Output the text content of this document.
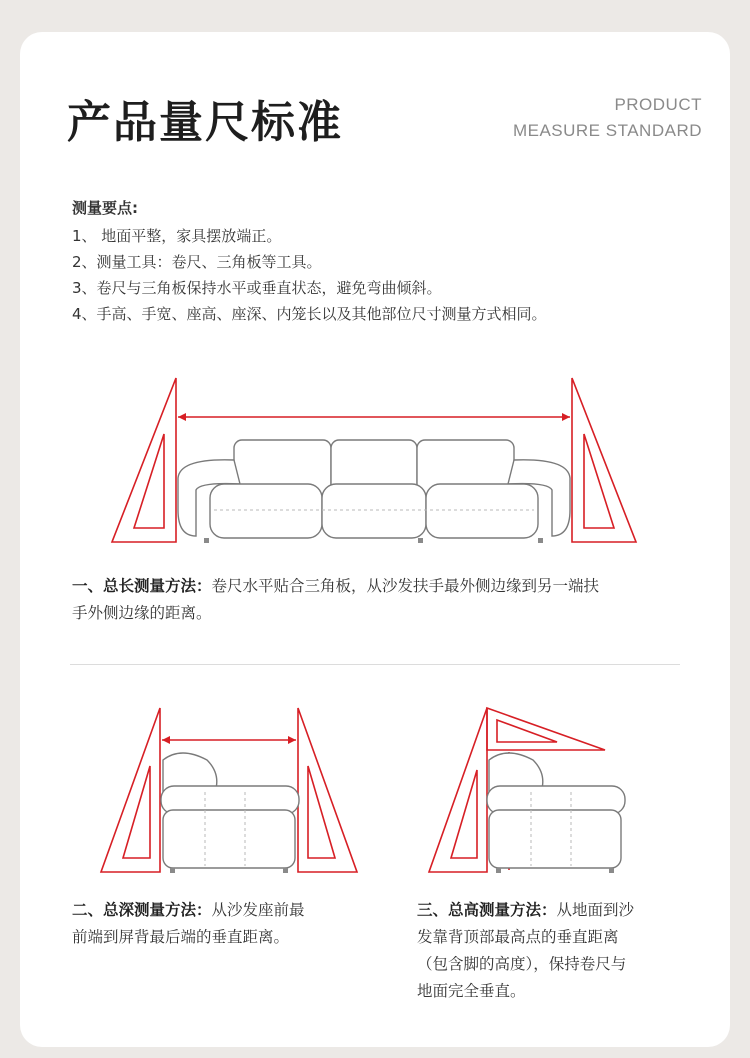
产品量尺标准	PRODUCT
MEASURE STANDARD
测量要点:
1、 地面平整，家具摆放端正。
2、测量工具：卷尺、三角板等工具。
3、卷尺与三角板保持水平或垂直状态，避免弯曲倾斜。
4、手高、手宽、座高、座深、内笼长以及其他部位尺寸测量方式相同。
一、总长测量方法：卷尺水平贴合三角板，从沙发扶手最外侧边缘到另一端扶
手外侧边缘的距离。
二、总深测量方法：从沙发座前最
前端到屏背最后端的垂直距离。
三、总高测量方法：从地面到沙
发靠背顶部最高点的垂直距离
（包含脚的高度），保持卷尺与
地面完全垂直。
